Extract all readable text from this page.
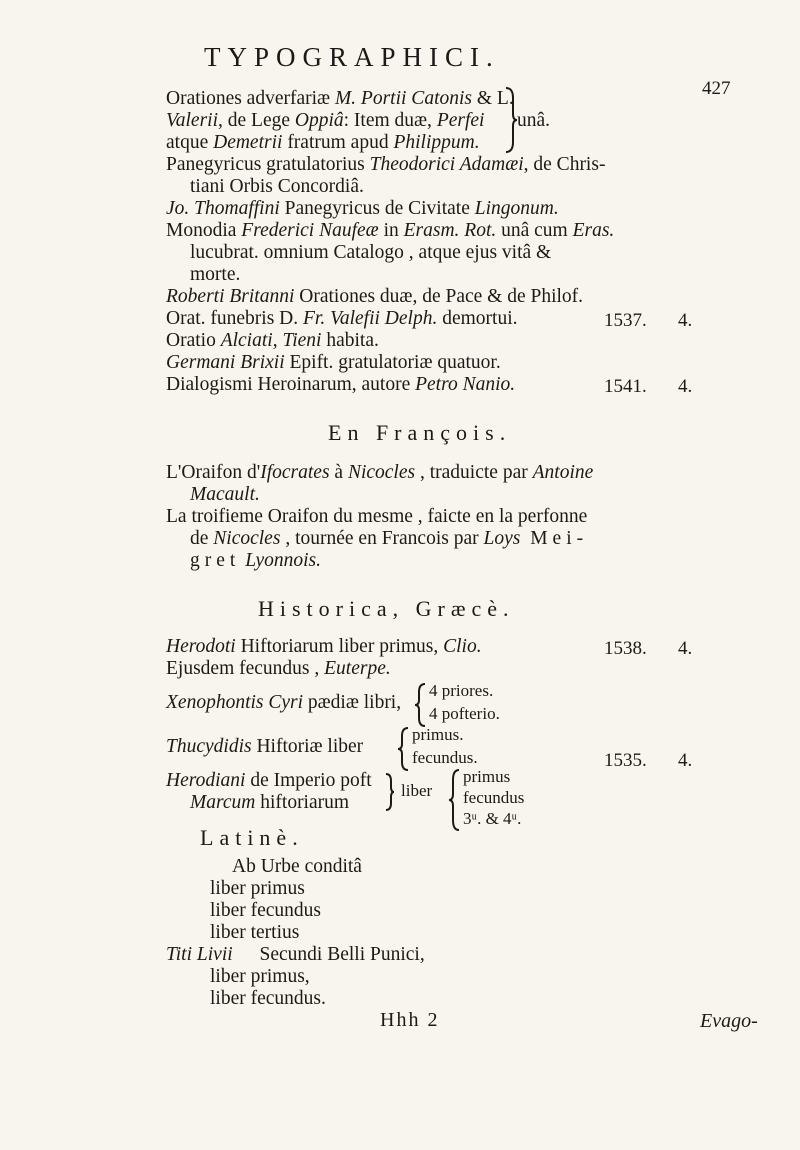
TYPOGRAPHICI.
427
Orationes adverfariæ M. Portii Catonis & L.
Valerii, de Lege Oppiâ: Item duæ, Perfei
atque Demetrii fratrum apud Philippum.
unâ.
Panegyricus gratulatorius Theodorici Adamæi, de Chris-
tiani Orbis Concordiâ.
Jo. Thomaffini Panegyricus de Civitate Lingonum.
Monodia Frederici Naufeæ in Erasm. Rot. unâ cum Eras.
lucubrat. omnium Catalogo , atque ejus vitâ &
morte.
Roberti Britanni Orationes duæ, de Pace & de Philof.
Orat. funebris D. Fr. Valefii Delph. demortui.
Oratio Alciati, Tieni habita.
Germani Brixii Epift. gratulatoriæ quatuor.
Dialogismi Heroinarum, autore Petro Nanio.
1537. 4.
1541. 4.
En François.
L'Oraifon d'Ifocrates à Nicocles , traduicte par Antoine
Macault.
La troifieme Oraifon du mesme , faicte en la perfonne
de Nicocles , tournée en Francois par Loys Mei-
gret Lyonnois.
Historica, Græcè.
Herodoti Hiftoriarum liber primus, Clio.
Ejusdem fecundus , Euterpe.
Xenophontis Cyri pædiæ libri,
4 priores.
4 pofterio.
Thucydidis Hiftoriæ liber
primus.
fecundus.
Herodiani de Imperio poft
Marcum hiftoriarum
liber
primus
fecundus
3ᵘ. & 4ᵘ.
1538. 4.
1535. 4.
Latinè.
Ab Urbe conditâ
liber primus
liber fecundus
liber tertius
Titi Livii Secundi Belli Punici,
liber primus,
liber fecundus.
Hhh 2	Evago-
